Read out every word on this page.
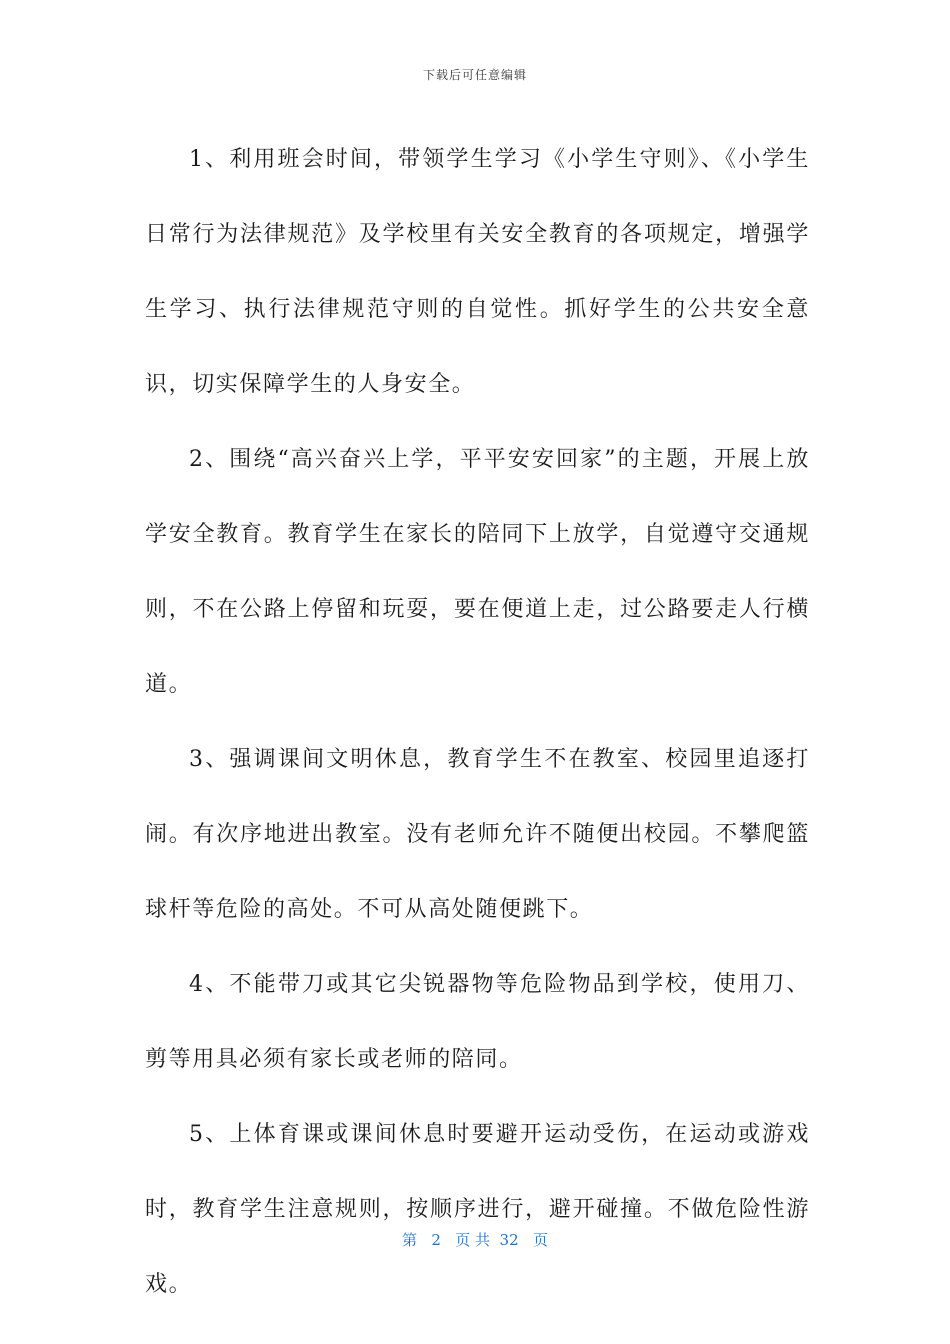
下载后可任意编辑

1、利用班会时间，带领学生学习《小学生守则》、《小学生日常行为法律规范》及学校里有关安全教育的各项规定，增强学生学习、执行法律规范守则的自觉性。抓好学生的公共安全意识，切实保障学生的人身安全。

2、围绕“高兴奋兴上学，平平安安回家”的主题，开展上放学安全教育。教育学生在家长的陪同下上放学，自觉遵守交通规则，不在公路上停留和玩耍，要在便道上走，过公路要走人行横道。

3、强调课间文明休息，教育学生不在教室、校园里追逐打闹。有次序地进出教室。没有老师允许不随便出校园。不攀爬篮球杆等危险的高处。不可从高处随便跳下。

4、不能带刀或其它尖锐器物等危险物品到学校，使用刀、剪等用具必须有家长或老师的陪同。

5、上体育课或课间休息时要避开运动受伤，在运动或游戏时，教育学生注意规则，按顺序进行，避开碰撞。不做危险性游戏。

第 2 页 共 32 页
